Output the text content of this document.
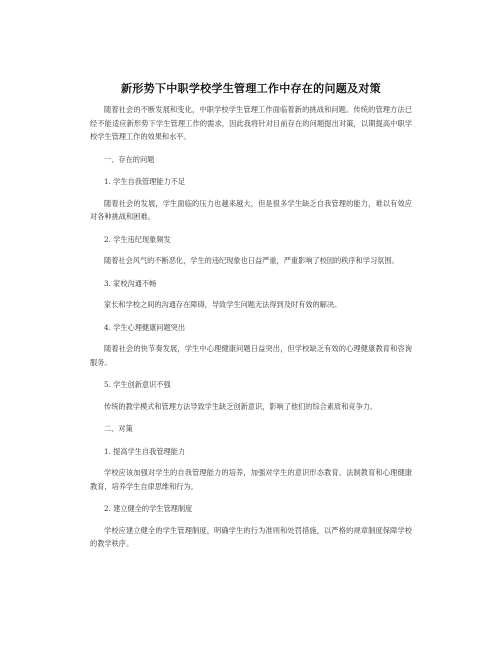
新形势下中职学校学生管理工作中存在的问题及对策

随着社会的不断发展和变化，中职学校学生管理工作面临着新的挑战和问题。传统的管理方法已经不能适应新形势下学生管理工作的需求，因此我将针对目前存在的问题提出对策，以期提高中职学校学生管理工作的效果和水平。

一、存在的问题

1. 学生自我管理能力不足

随着社会的发展，学生面临的压力也越来越大，但是很多学生缺乏自我管理的能力，难以有效应对各种挑战和困难。

2. 学生违纪现象频发

随着社会风气的不断恶化，学生的违纪现象也日益严重，严重影响了校园的秩序和学习氛围。

3. 家校沟通不畅

家长和学校之间的沟通存在障碍，导致学生问题无法得到及时有效的解决。

4. 学生心理健康问题突出

随着社会的快节奏发展，学生中心理健康问题日益突出，但学校缺乏有效的心理健康教育和咨询服务。

5. 学生创新意识不强

传统的教学模式和管理方法导致学生缺乏创新意识，影响了他们的综合素质和竞争力。

二、对策

1. 提高学生自我管理能力

学校应该加强对学生的自我管理能力的培养，加强对学生的意识形态教育、法制教育和心理健康教育，培养学生自律思维和行为。

2. 建立健全的学生管理制度

学校应建立健全的学生管理制度，明确学生的行为准则和处罚措施，以严格的规章制度保障学校的教学秩序。
